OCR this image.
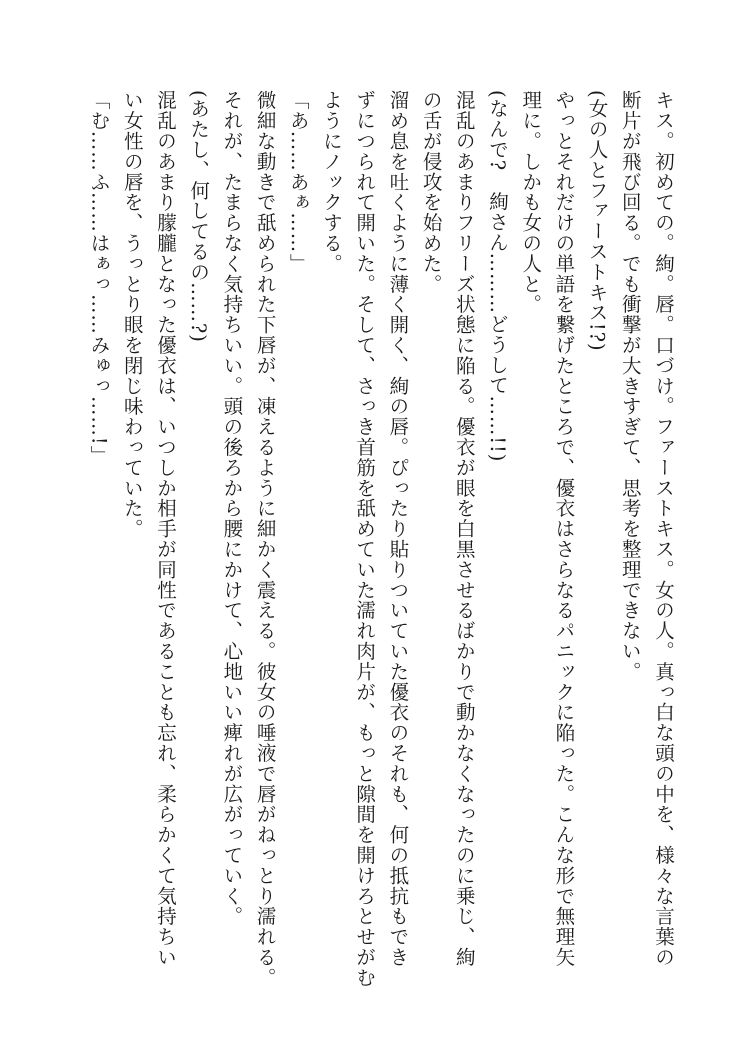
キス。初めての。絢。唇。口づけ。ファーストキス。女の人。真っ白な頭の中を、様々な言葉の

断片が飛び回る。でも衝撃が大きすぎて、思考を整理できない。

(女の人とファーストキス!?)

やっとそれだけの単語を繋げたところで、優衣はさらなるパニックに陥った。こんな形で無理矢

理に。しかも女の人と。

(なんで?　絢さん………どうして……!!)

混乱のあまりフリーズ状態に陥る。優衣が眼を白黒させるばかりで動かなくなったのに乗じ、絢

の舌が侵攻を始めた。

溜め息を吐くように薄く開く、絢の唇。ぴったり貼りついていた優衣のそれも、何の抵抗もでき

ずにつられて開いた。そして、さっき首筋を舐めていた濡れ肉片が、もっと隙間を開けろとせがむ

ようにノックする。

「あ……あぁ……」

微細な動きで舐められた下唇が、凍えるように細かく震える。彼女の唾液で唇がねっとり濡れる。

それが、たまらなく気持ちいい。頭の後ろから腰にかけて、心地いい痺れが広がっていく。

(あたし、何してるの……?)

混乱のあまり朦朧となった優衣は、いつしか相手が同性であることも忘れ、柔らかくて気持ちい

い女性の唇を、うっとり眼を閉じ味わっていた。

「む……ふ……はぁっ……みゅっ……!」
